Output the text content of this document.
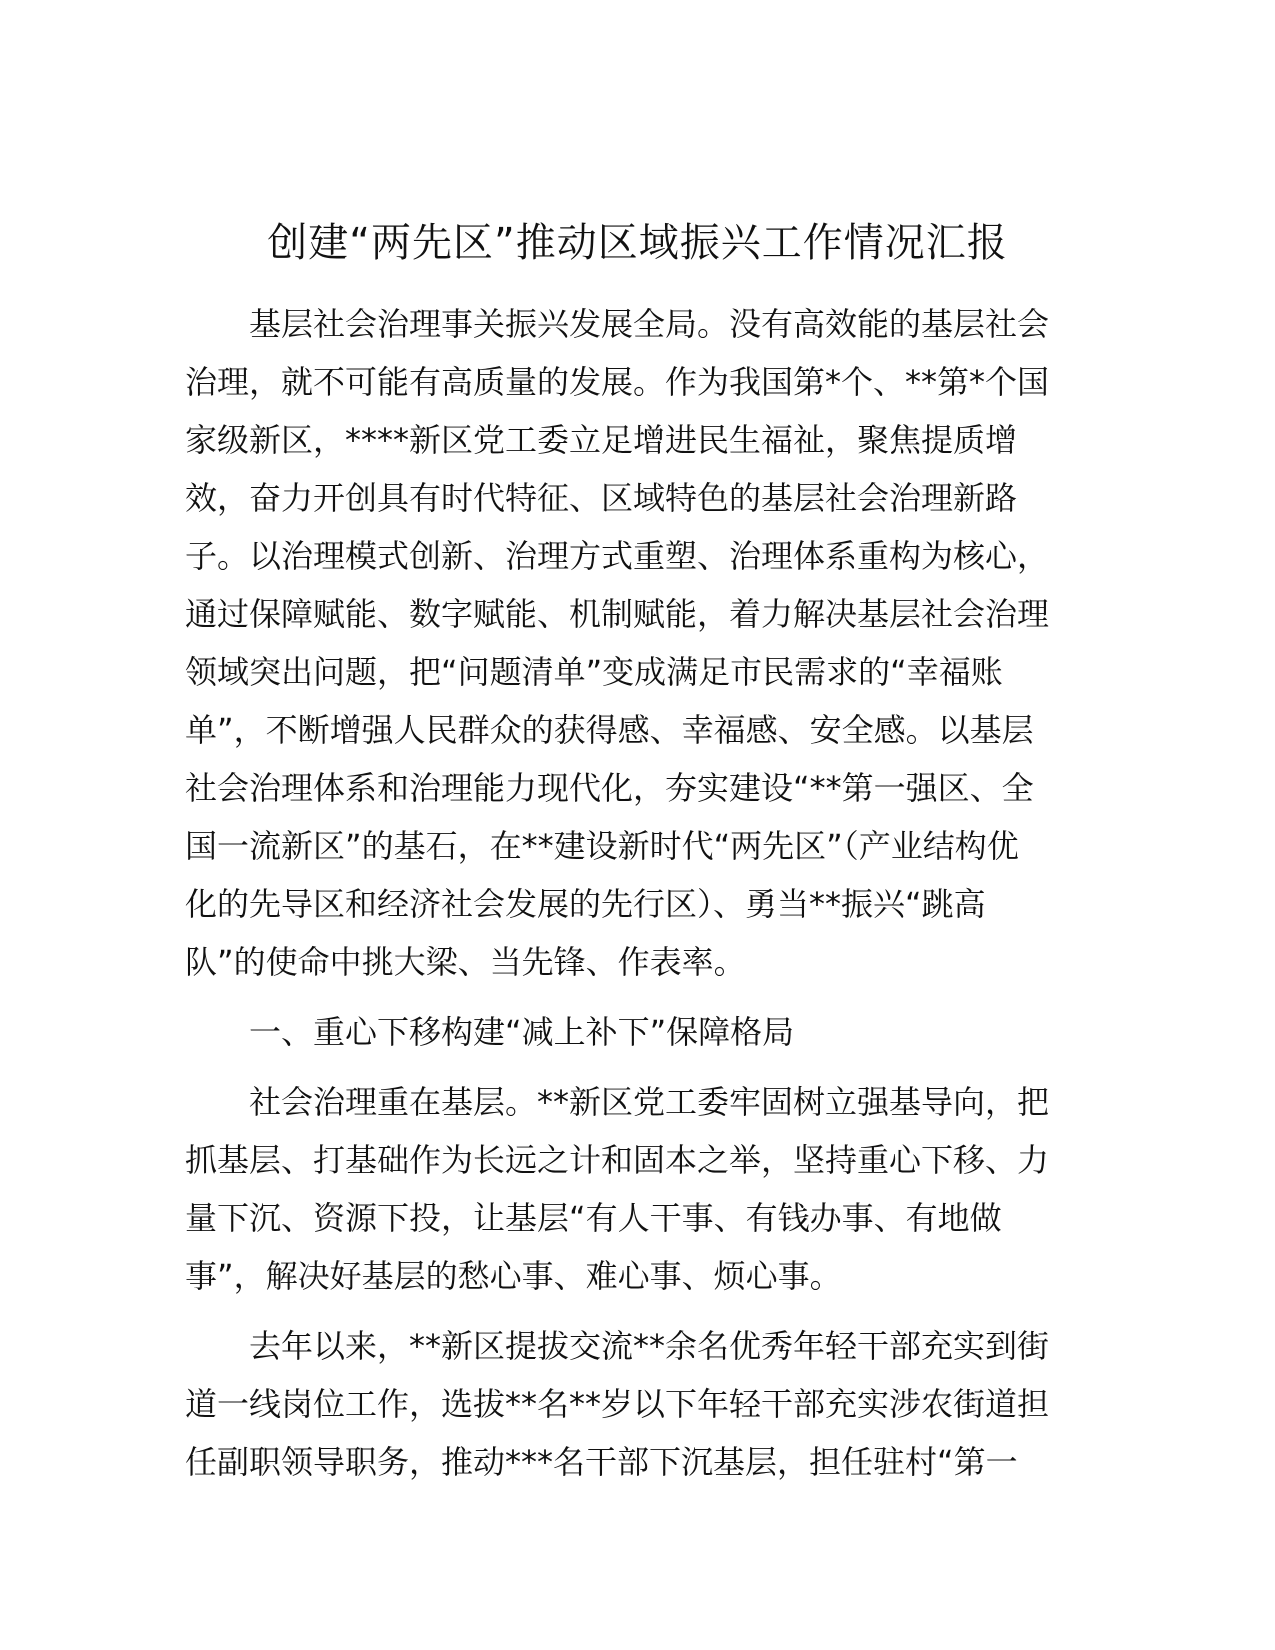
创建“两先区”推动区域振兴工作情况汇报
基层社会治理事关振兴发展全局。没有高效能的基层社会
治理，就不可能有高质量的发展。作为我国第*个、**第*个国
家级新区，****新区党工委立足增进民生福祉，聚焦提质增
效，奋力开创具有时代特征、区域特色的基层社会治理新路
子。以治理模式创新、治理方式重塑、治理体系重构为核心，
通过保障赋能、数字赋能、机制赋能，着力解决基层社会治理
领域突出问题，把“问题清单”变成满足市民需求的“幸福账
单”，不断增强人民群众的获得感、幸福感、安全感。以基层
社会治理体系和治理能力现代化，夯实建设“**第一强区、全
国一流新区”的基石，在**建设新时代“两先区”（产业结构优
化的先导区和经济社会发展的先行区）、勇当**振兴“跳高
队”的使命中挑大梁、当先锋、作表率。
一、重心下移构建“减上补下”保障格局
社会治理重在基层。**新区党工委牢固树立强基导向，把
抓基层、打基础作为长远之计和固本之举，坚持重心下移、力
量下沉、资源下投，让基层“有人干事、有钱办事、有地做
事”，解决好基层的愁心事、难心事、烦心事。
去年以来，**新区提拔交流**余名优秀年轻干部充实到街
道一线岗位工作，选拔**名**岁以下年轻干部充实涉农街道担
任副职领导职务，推动***名干部下沉基层，担任驻村“第一
